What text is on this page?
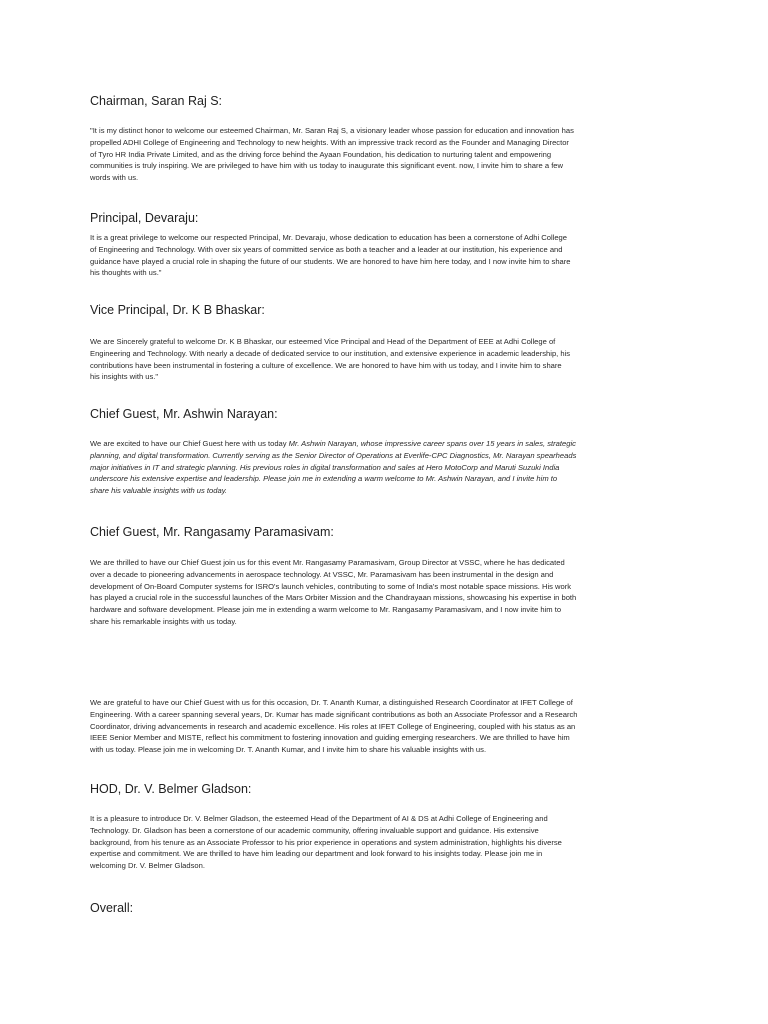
Chairman, Saran Raj S:
"It is my distinct honor to welcome our esteemed Chairman, Mr. Saran Raj S, a visionary leader whose passion for education and innovation has
propelled ADHI College of Engineering and Technology to new heights. With an impressive track record as the Founder and Managing Director
of Tyro HR India Private Limited, and as the driving force behind the Ayaan Foundation, his dedication to nurturing talent and empowering
communities is truly inspiring. We are privileged to have him with us today to inaugurate this significant event. now, I invite him to share a few
words with us.
Principal, Devaraju:
It is a great privilege to welcome our respected Principal, Mr. Devaraju, whose dedication to education has been a cornerstone of Adhi College
of Engineering and Technology. With over six years of committed service as both a teacher and a leader at our institution, his experience and
guidance have played a crucial role in shaping the future of our students. We are honored to have him here today, and I now invite him to share
his thoughts with us."
Vice Principal, Dr. K B Bhaskar:
We are Sincerely grateful to welcome Dr. K B Bhaskar, our esteemed Vice Principal and Head of the Department of EEE at Adhi College of
Engineering and Technology. With nearly a decade of dedicated service to our institution, and extensive experience in academic leadership, his
contributions have been instrumental in fostering a culture of excellence. We are honored to have him with us today, and I invite him to share
his insights with us."
Chief Guest, Mr. Ashwin Narayan:
We are excited to have our Chief Guest here with us today Mr. Ashwin Narayan, whose impressive career spans over 15 years in sales, strategic
planning, and digital transformation. Currently serving as the Senior Director of Operations at Everlife-CPC Diagnostics, Mr. Narayan spearheads
major initiatives in IT and strategic planning. His previous roles in digital transformation and sales at Hero MotoCorp and Maruti Suzuki India
underscore his extensive expertise and leadership. Please join me in extending a warm welcome to Mr. Ashwin Narayan, and I invite him to
share his valuable insights with us today.
Chief Guest, Mr. Rangasamy Paramasivam:
We are thrilled to have our Chief Guest join us for this event Mr. Rangasamy Paramasivam, Group Director at VSSC, where he has dedicated
over a decade to pioneering advancements in aerospace technology. At VSSC, Mr. Paramasivam has been instrumental in the design and
development of On-Board Computer systems for ISRO's launch vehicles, contributing to some of India's most notable space missions. His work
has played a crucial role in the successful launches of the Mars Orbiter Mission and the Chandrayaan missions, showcasing his expertise in both
hardware and software development. Please join me in extending a warm welcome to Mr. Rangasamy Paramasivam, and I now invite him to
share his remarkable insights with us today.
We are grateful to have our Chief Guest with us for this occasion, Dr. T. Ananth Kumar, a distinguished Research Coordinator at IFET College of
Engineering. With a career spanning several years, Dr. Kumar has made significant contributions as both an Associate Professor and a Research
Coordinator, driving advancements in research and academic excellence. His roles at IFET College of Engineering, coupled with his status as an
IEEE Senior Member and MISTE, reflect his commitment to fostering innovation and guiding emerging researchers. We are thrilled to have him
with us today. Please join me in welcoming Dr. T. Ananth Kumar, and I invite him to share his valuable insights with us.
HOD, Dr. V. Belmer Gladson:
It is a pleasure to introduce Dr. V. Belmer Gladson, the esteemed Head of the Department of AI & DS at Adhi College of Engineering and
Technology. Dr. Gladson has been a cornerstone of our academic community, offering invaluable support and guidance. His extensive
background, from his tenure as an Associate Professor to his prior experience in operations and system administration, highlights his diverse
expertise and commitment. We are thrilled to have him leading our department and look forward to his insights today. Please join me in
welcoming Dr. V. Belmer Gladson.
Overall:
